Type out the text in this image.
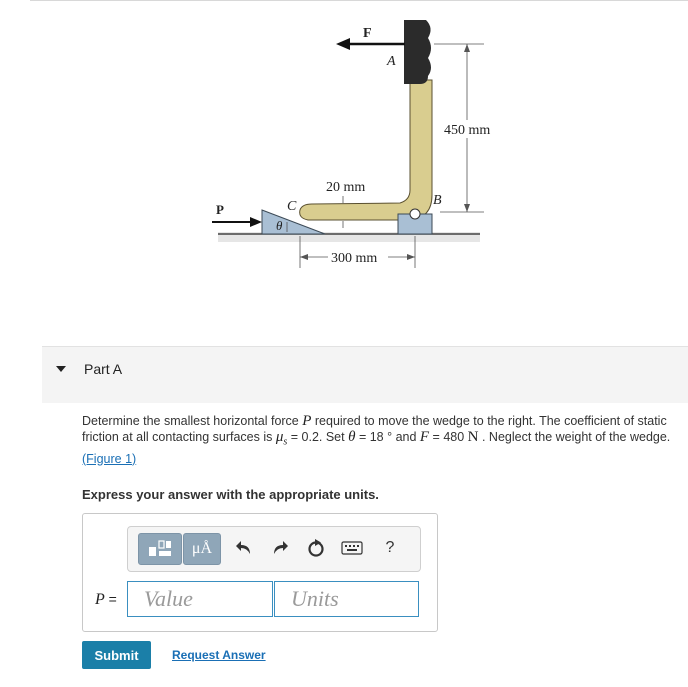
F
A
450 mm
B
20 mm
C
P
θ
300 mm
Part A
Determine the smallest horizontal force P required to move the wedge to the right. The coefficient of static friction at all contacting surfaces is $\mu_s = 0.2$. Set θ = 18 ° and F = 480 N . Neglect the weight of the wedge.
(Figure 1)
Express your answer with the appropriate units.
μÅ	?
P =	Value	Units
Submit	Request Answer
